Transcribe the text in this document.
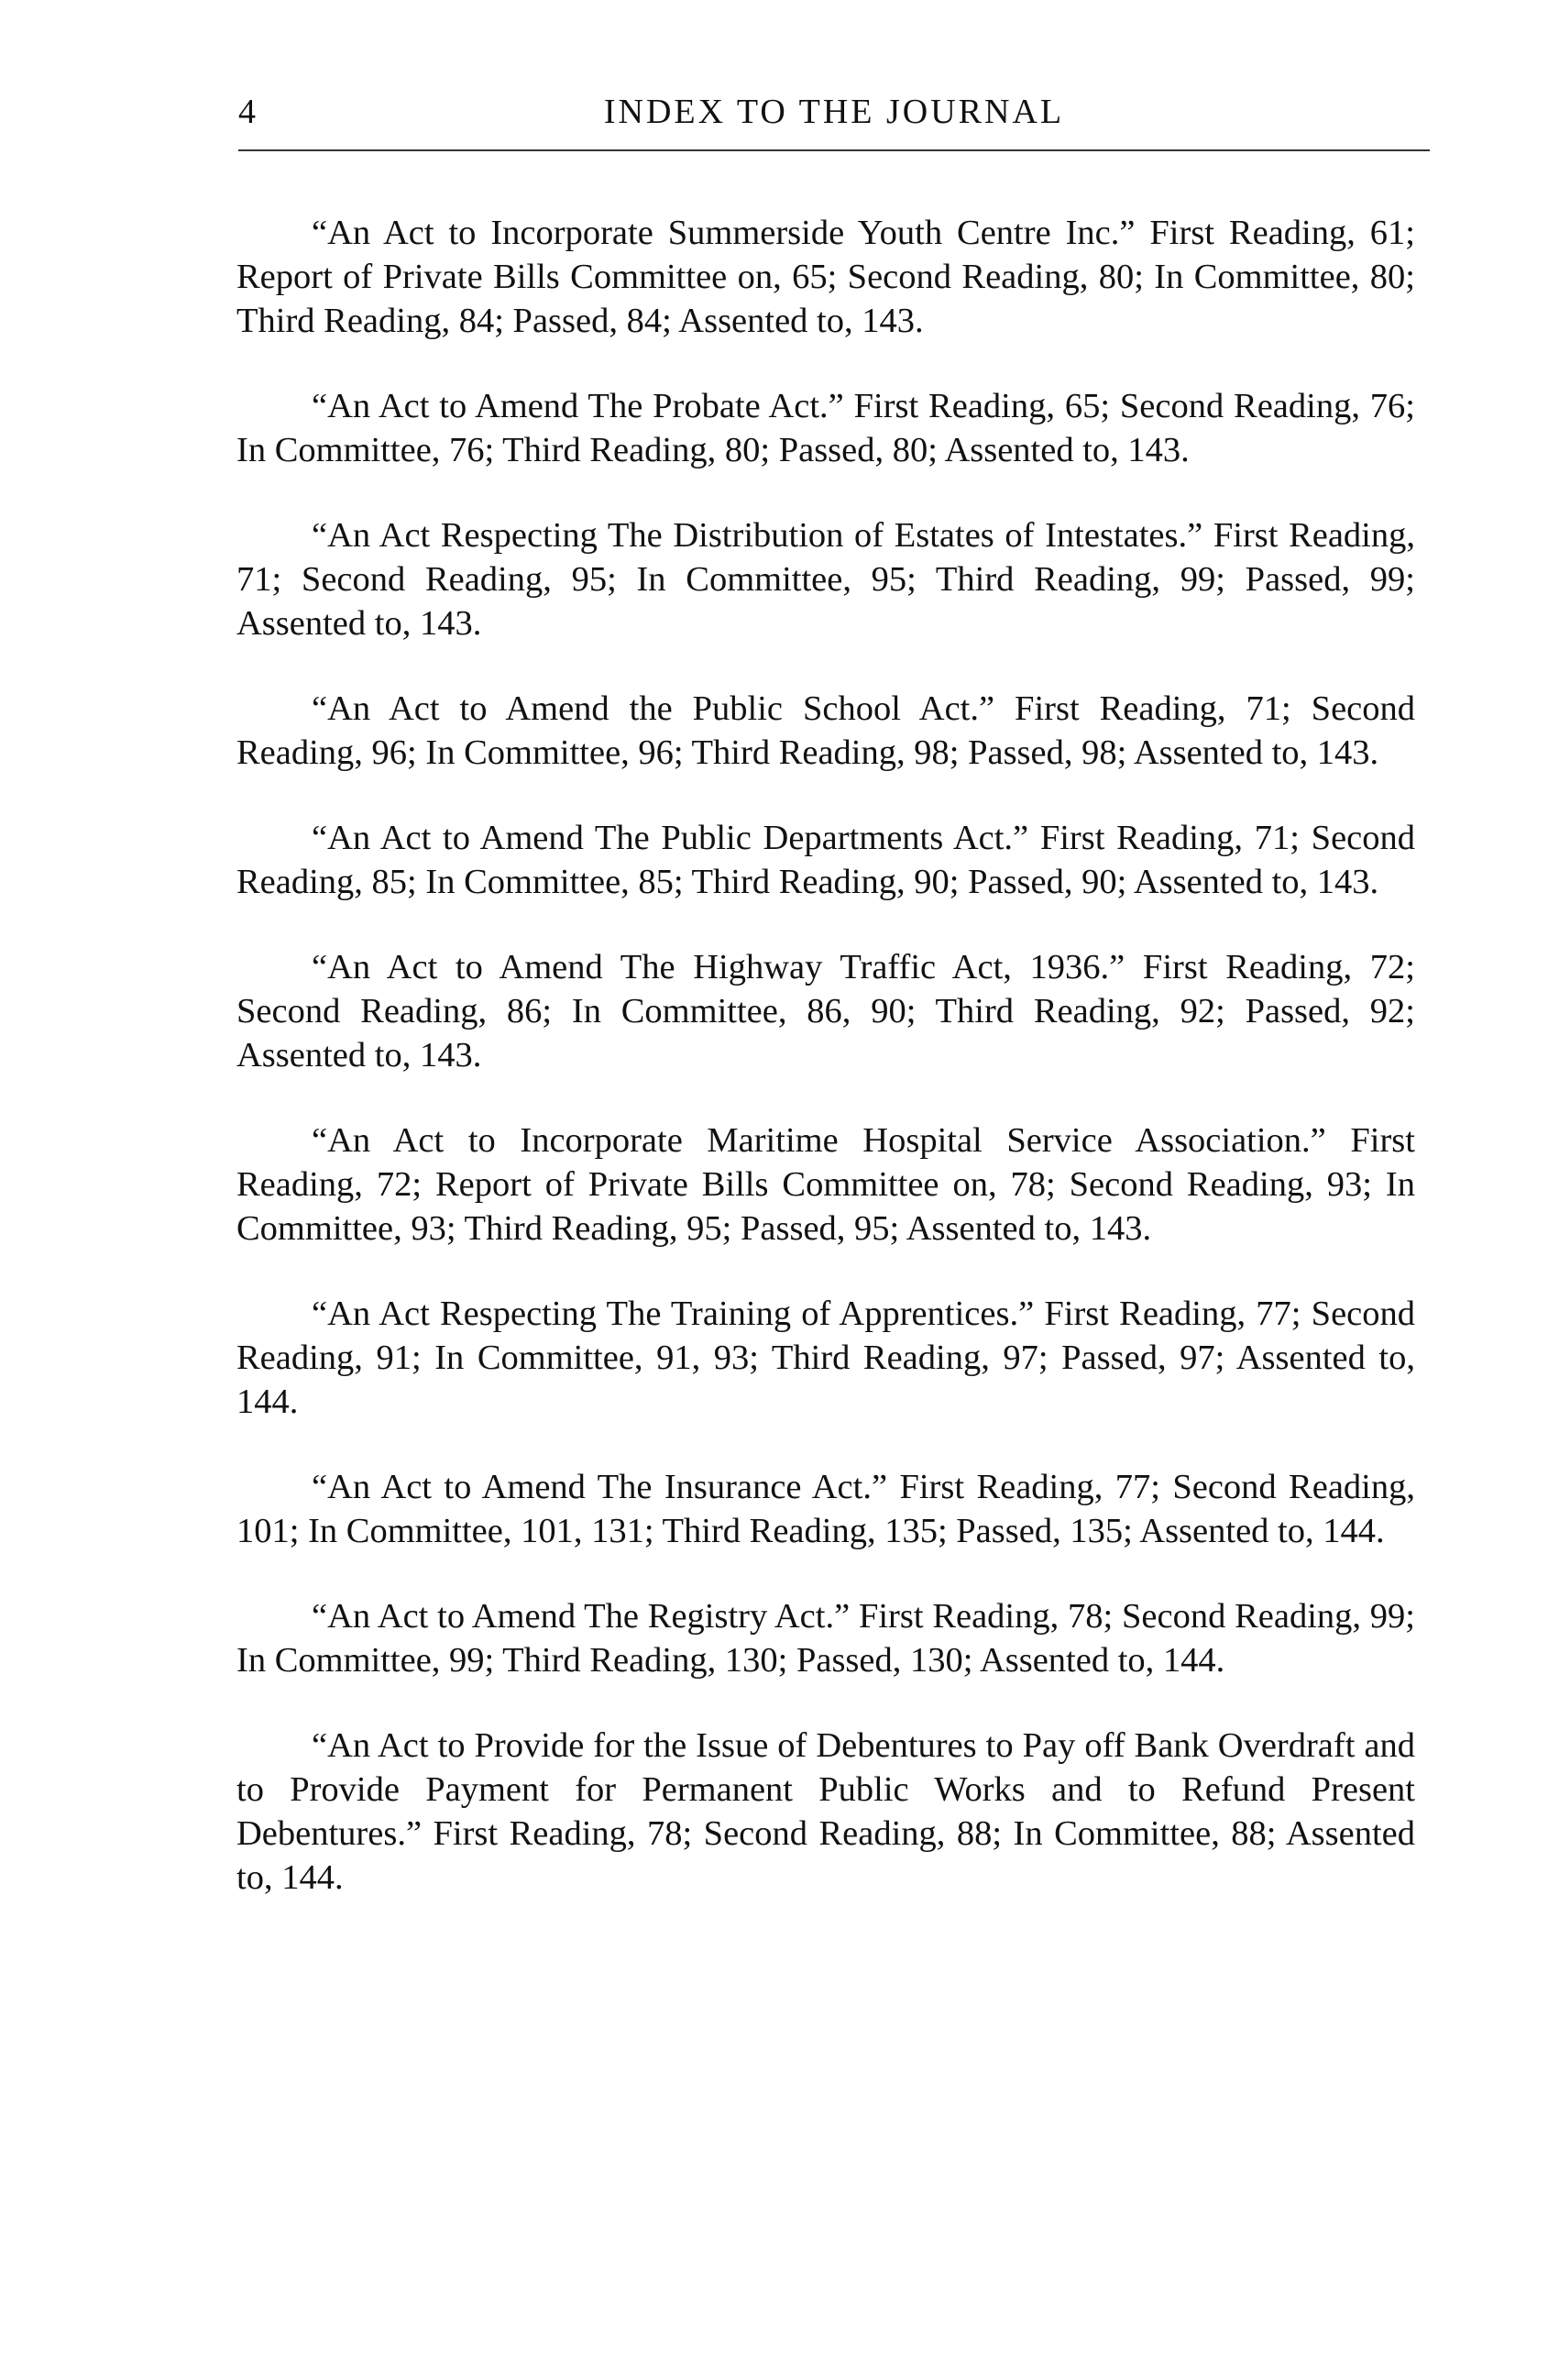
4	INDEX TO THE JOURNAL

“An Act to Incorporate Summerside Youth Centre Inc.” First Reading, 61; Report of Private Bills Committee on, 65; Second Reading, 80; In Committee, 80; Third Reading, 84; Passed, 84; Assented to, 143.

“An Act to Amend The Probate Act.” First Reading, 65; Second Reading, 76; In Committee, 76; Third Reading, 80; Passed, 80; Assented to, 143.

“An Act Respecting The Distribution of Estates of Intestates.” First Reading, 71; Second Reading, 95; In Committee, 95; Third Reading, 99; Passed, 99; Assented to, 143.

“An Act to Amend the Public School Act.” First Reading, 71; Second Reading, 96; In Committee, 96; Third Reading, 98; Passed, 98; Assented to, 143.

“An Act to Amend The Public Departments Act.” First Reading, 71; Second Reading, 85; In Committee, 85; Third Reading, 90; Passed, 90; Assented to, 143.

“An Act to Amend The Highway Traffic Act, 1936.” First Reading, 72; Second Reading, 86; In Committee, 86, 90; Third Reading, 92; Passed, 92; Assented to, 143.

“An Act to Incorporate Maritime Hospital Service Association.” First Reading, 72; Report of Private Bills Committee on, 78; Second Reading, 93; In Committee, 93; Third Reading, 95; Passed, 95; Assented to, 143.

“An Act Respecting The Training of Apprentices.” First Reading, 77; Second Reading, 91; In Committee, 91, 93; Third Reading, 97; Passed, 97; Assented to, 144.

“An Act to Amend The Insurance Act.” First Reading, 77; Second Reading, 101; In Committee, 101, 131; Third Reading, 135; Passed, 135; Assented to, 144.

“An Act to Amend The Registry Act.” First Reading, 78; Second Reading, 99; In Committee, 99; Third Reading, 130; Passed, 130; Assented to, 144.

“An Act to Provide for the Issue of Debentures to Pay off Bank Overdraft and to Provide Payment for Permanent Public Works and to Refund Present Debentures.” First Reading, 78; Second Reading, 88; In Committee, 88; Assented to, 144.
